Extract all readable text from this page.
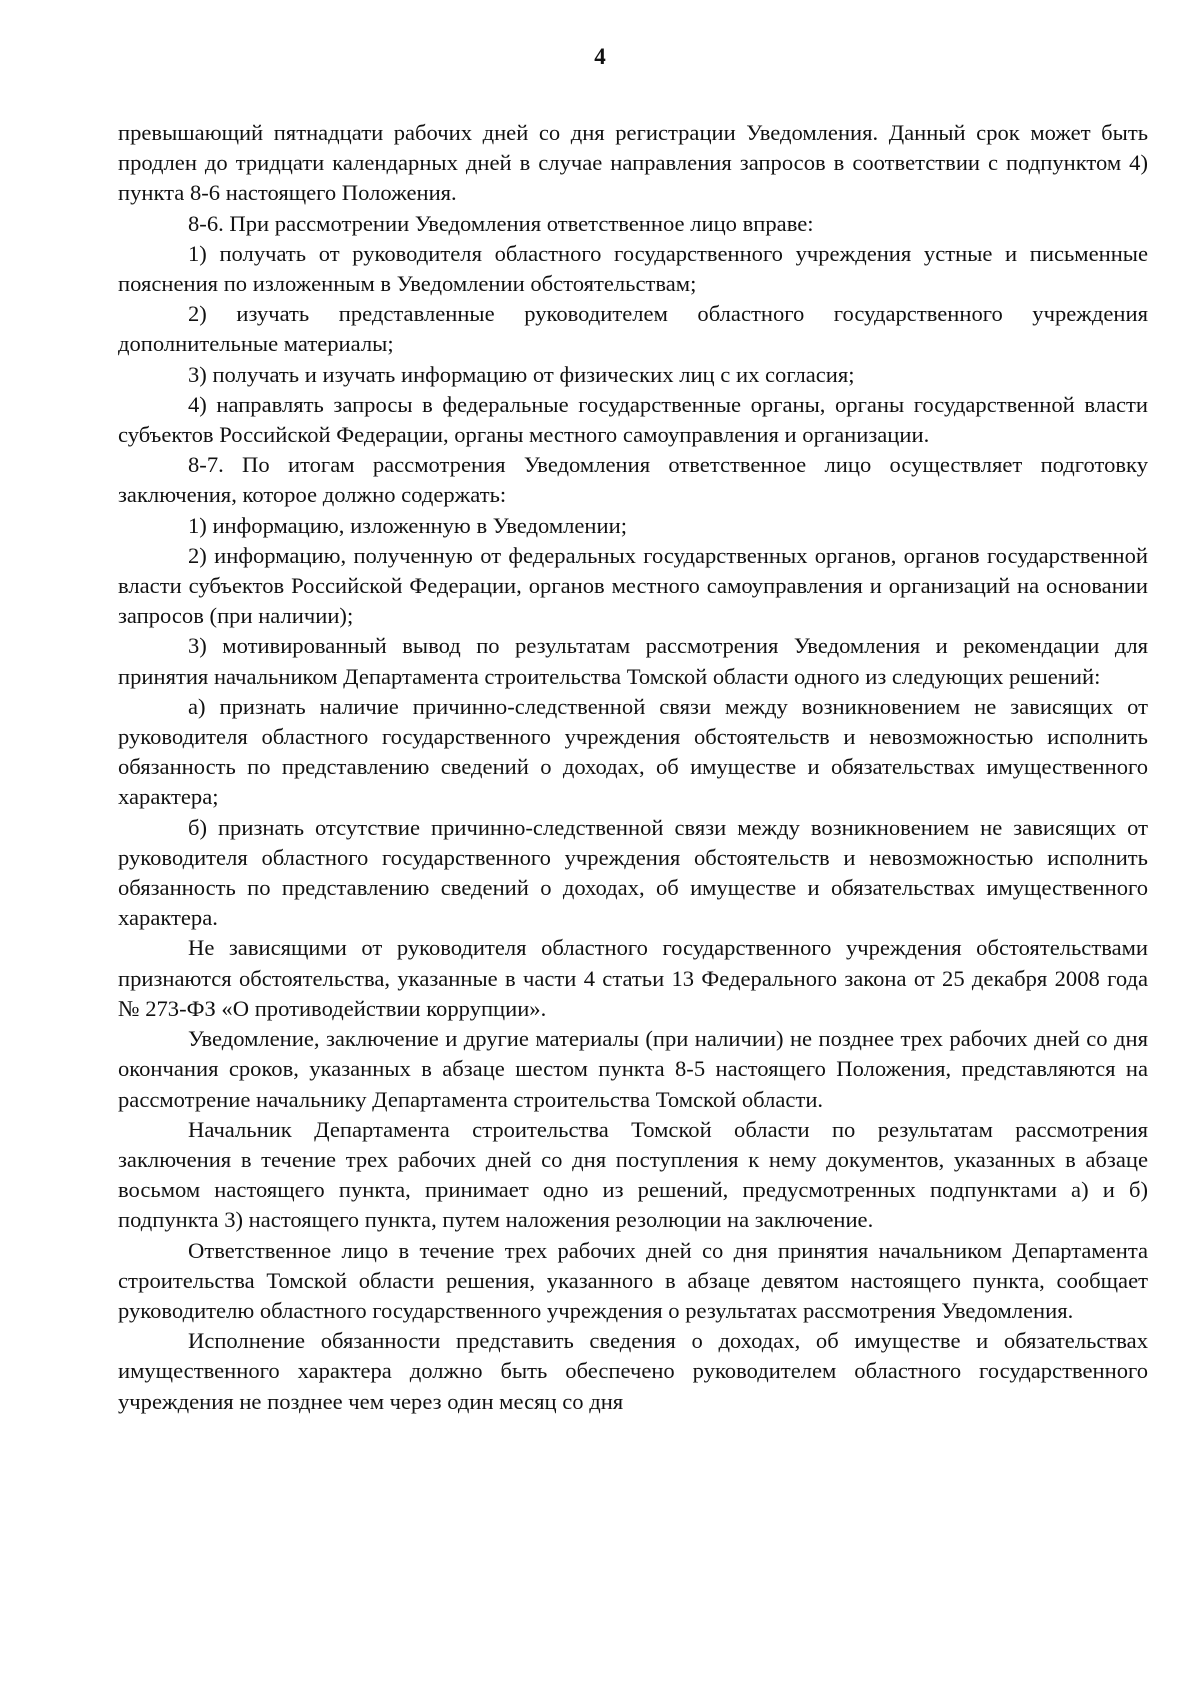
4

превышающий пятнадцати рабочих дней со дня регистрации Уведомления. Данный срок может быть продлен до тридцати календарных дней в случае направления запросов в соответствии с подпунктом 4) пункта 8-6 настоящего Положения.

8-6. При рассмотрении Уведомления ответственное лицо вправе:

1) получать от руководителя областного государственного учреждения устные и письменные пояснения по изложенным в Уведомлении обстоятельствам;

2) изучать представленные руководителем областного государственного учреждения дополнительные материалы;

3) получать и изучать информацию от физических лиц с их согласия;

4) направлять запросы в федеральные государственные органы, органы государственной власти субъектов Российской Федерации, органы местного самоуправления и организации.

8-7. По итогам рассмотрения Уведомления ответственное лицо осуществляет подготовку заключения, которое должно содержать:

1) информацию, изложенную в Уведомлении;

2) информацию, полученную от федеральных государственных органов, органов государственной власти субъектов Российской Федерации, органов местного самоуправления и организаций на основании запросов (при наличии);

3) мотивированный вывод по результатам рассмотрения Уведомления и рекомендации для принятия начальником Департамента строительства Томской области одного из следующих решений:

а) признать наличие причинно-следственной связи между возникновением не зависящих от руководителя областного государственного учреждения обстоятельств и невозможностью исполнить обязанность по представлению сведений о доходах, об имуществе и обязательствах имущественного характера;

б) признать отсутствие причинно-следственной связи между возникновением не зависящих от руководителя областного государственного учреждения обстоятельств и невозможностью исполнить обязанность по представлению сведений о доходах, об имуществе и обязательствах имущественного характера.

Не зависящими от руководителя областного государственного учреждения обстоятельствами признаются обстоятельства, указанные в части 4 статьи 13 Федерального закона от 25 декабря 2008 года № 273-ФЗ «О противодействии коррупции».

Уведомление, заключение и другие материалы (при наличии) не позднее трех рабочих дней со дня окончания сроков, указанных в абзаце шестом пункта 8-5 настоящего Положения, представляются на рассмотрение начальнику Департамента строительства Томской области.

Начальник Департамента строительства Томской области по результатам рассмотрения заключения в течение трех рабочих дней со дня поступления к нему документов, указанных в абзаце восьмом настоящего пункта, принимает одно из решений, предусмотренных подпунктами а) и б) подпункта 3) настоящего пункта, путем наложения резолюции на заключение.

Ответственное лицо в течение трех рабочих дней со дня принятия начальником Департамента строительства Томской области решения, указанного в абзаце девятом настоящего пункта, сообщает руководителю областного государственного учреждения о результатах рассмотрения Уведомления.

Исполнение обязанности представить сведения о доходах, об имуществе и обязательствах имущественного характера должно быть обеспечено руководителем областного государственного учреждения не позднее чем через один месяц со дня
